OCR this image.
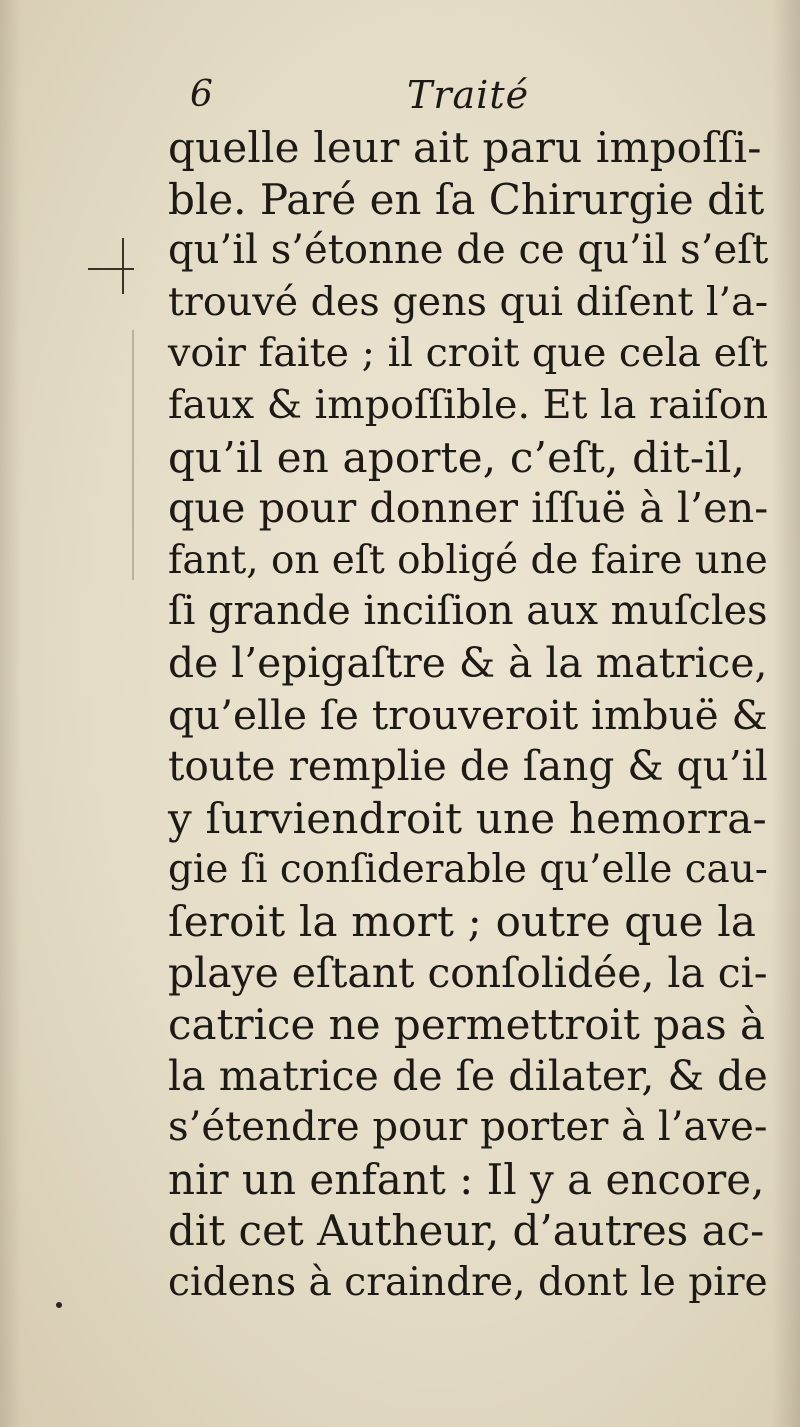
6	Traité
quelle leur ait paru impoſſi-
ble. Paré en ſa Chirurgie dit
qu’il s’étonne de ce qu’il s’eſt
trouvé des gens qui diſent l’a-
voir faite ; il croit que cela eſt
faux & impoſſible. Et la raiſon
qu’il en aporte, c’eſt, dit-il,
que pour donner iſſuë à l’en-
fant, on eſt obligé de faire une
ſi grande inciſion aux muſcles
de l’epigaſtre & à la matrice,
qu’elle ſe trouveroit imbuë &
toute remplie de ſang & qu’il
y ſurviendroit une hemorra-
gie ſi conſiderable qu’elle cau-
ſeroit la mort ; outre que la
playe eſtant conſolidée, la ci-
catrice ne permettroit pas à
la matrice de ſe dilater, & de
s’étendre pour porter à l’ave-
nir un enfant : Il y a encore,
dit cet Autheur, d’autres ac-
cidens à craindre, dont le pire
